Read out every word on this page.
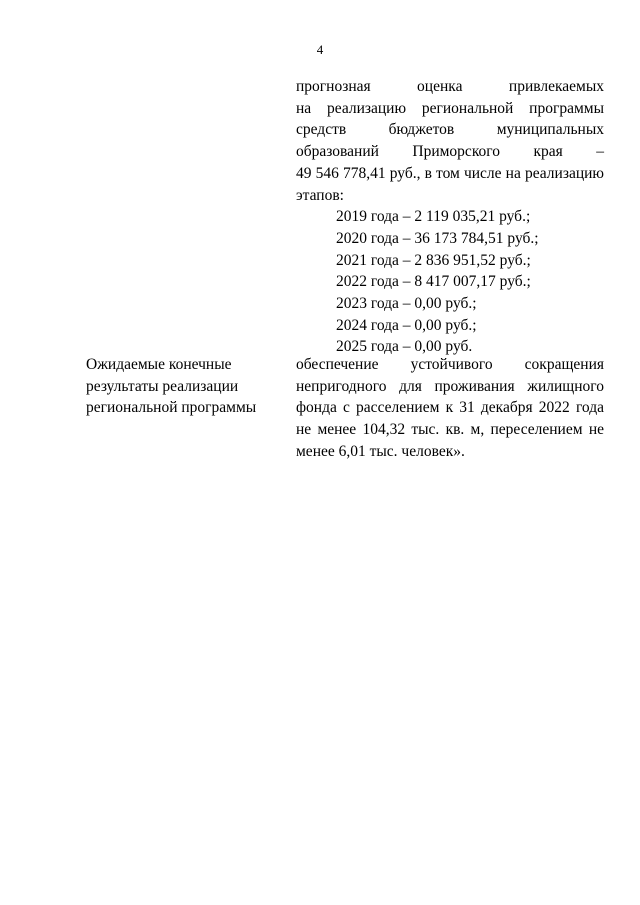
4
прогнозная оценка привлекаемых
на реализацию региональной программы
средств бюджетов муниципальных
образований Приморского края –
49 546 778,41 руб., в том числе на реализацию
этапов:
2019 года – 2 119 035,21 руб.;
2020 года – 36 173 784,51 руб.;
2021 года – 2 836 951,52 руб.;
2022 года – 8 417 007,17 руб.;
2023 года – 0,00 руб.;
2024 года – 0,00 руб.;
2025 года – 0,00 руб.
Ожидаемые конечные
результаты реализации
региональной программы
обеспечение устойчивого сокращения
непригодного для проживания жилищного
фонда с расселением к 31 декабря 2022 года
не менее 104,32 тыс. кв. м, переселением не
менее 6,01 тыс. человек».
